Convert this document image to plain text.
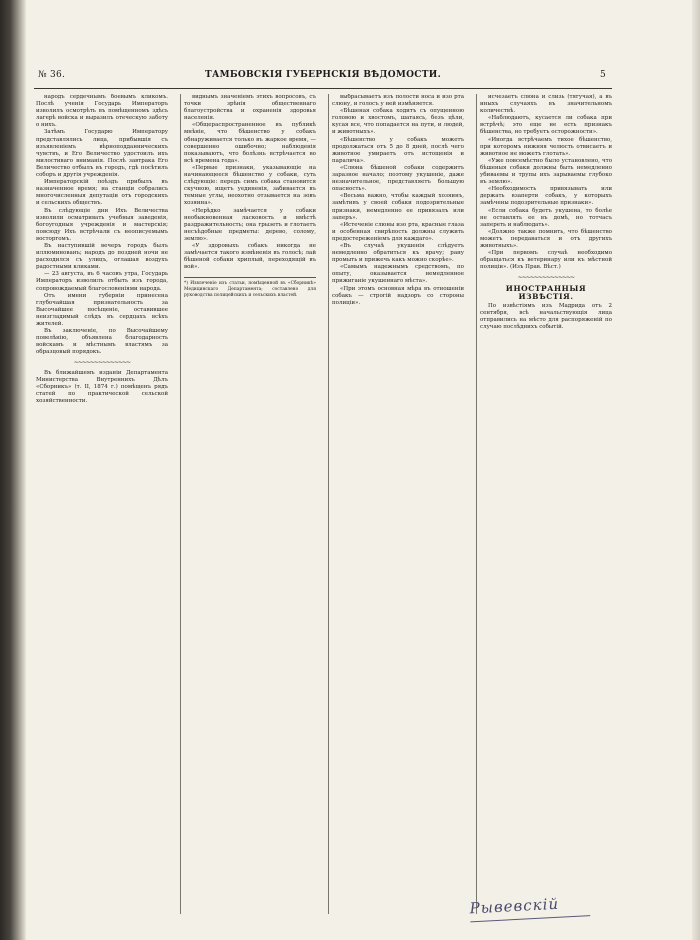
№ 36.	ТАМБОВСКІЯ ГУБЕРНСКІЯ ВѢДОМОСТИ.	5

народъ сердечнымъ боевымъ кликомъ. Послѣ ученія Государь Императоръ изволилъ осмотрѣть въ помѣщенномъ здѣсь лагерѣ войска и выразилъ отеческую заботу о нихъ.

Затѣмъ Государю Императору представлялись лица, прибывшія съ изъявленіемъ вѣрноподданническихъ чувствъ, и Его Величество удостоилъ ихъ милостиваго вниманія. Послѣ завтрака Его Величество отбылъ въ городъ, гдѣ посѣтилъ соборъ и другія учрежденія.

Императорскій поѣздъ прибылъ въ назначенное время; на станціи собрались многочисленныя депутаціи отъ городскихъ и сельскихъ обществъ.

Въ слѣдующіе дни Ихъ Величества изволили осматривать учебныя заведенія, богоугодныя учрежденія и мастерскія; повсюду Ихъ встрѣчали съ неописуемымъ восторгомъ.

Въ наступившій вечеръ городъ былъ иллюминованъ; народъ до поздней ночи не расходился съ улицъ, оглашая воздухъ радостными кликами.

— 23 августа, въ 6 часовъ утра, Государь Императоръ изволилъ отбыть изъ города, сопровождаемый благословеніями народа.

Отъ имени губерніи принесена глубочайшая признательность за Высочайшее посѣщеніе, оставившее неизгладимый слѣдъ въ сердцахъ всѣхъ жителей.

Въ заключеніе, по Высочайшему повелѣнію, объявлена благодарность войскамъ и мѣстнымъ властямъ за образцовый порядокъ.

~~~~~~~~~~~~~~

Въ ближайшемъ изданіи Департамента Министерства Внутреннихъ Дѣлъ «Сборникъ» (т. II, 1874 г.) помѣщенъ рядъ статей по практической сельской хозяйственности.

виднымъ значеніемъ этихъ вопросовъ, съ точки зрѣнія общественнаго благоустройства и охраненія здоровья населенія.

«Общераспространенное въ публикѣ мнѣніе, что бѣшенство у собакъ обнаруживается только въ жаркое время, — совершенно ошибочно; наблюденія показываютъ, что болѣзнь встрѣчается во всѣ времена года».

«Первые признаки, указывающіе на начинающееся бѣшенство у собаки, суть слѣдующіе: передъ симъ собака становится скучною, ищетъ уединенія, забивается въ темные углы, неохотно отзывается на зовъ хозяина».

«Нерѣдко замѣчается у собаки необыкновенная ласковость и вмѣстѣ раздражительность; она грызетъ и глотаетъ несъѣдобные предметы: дерево, солому, землю».

«У здоровыхъ собакъ никогда не замѣчается такого измѣненія въ голосѣ; лай бѣшеной собаки хриплый, переходящій въ вой».

*) Извлеченіе изъ статьи, помѣщенной въ «Сборникѣ» Медицинскаго Департамента; составлено для руководства полицейскихъ и сельскихъ властей.

выбрасываетъ изъ полости носа и изо рта слюну, и голосъ у ней измѣняется.

«Бѣшеная собака ходитъ съ опущенною головою и хвостомъ, шатаясь, безъ цѣли, кусая все, что попадается на пути, и людей, и животныхъ».

«Бѣшенство у собакъ можетъ продолжаться отъ 5 до 8 дней, послѣ чего животное умираетъ отъ истощенія и паралича».

«Слюна бѣшеной собаки содержитъ заразное начало; поэтому укушеніе, даже незначительное, представляетъ большую опасность».

«Весьма важно, чтобы каждый хозяинъ, замѣтивъ у своей собаки подозрительные признаки, немедленно ее привязалъ или заперъ».

«Истеченіе слюны изо рта, красные глаза и особенная свирѣпость должны служить предостереженіемъ для каждаго».

«Въ случаѣ укушенія слѣдуетъ немедленно обратиться къ врачу; рану промыть и прижечь какъ можно скорѣе».

«Самымъ надежнымъ средствомъ, по опыту, оказывается немедленное прижиганіе укушеннаго мѣста».

«При этомъ основная мѣра въ отношеніи собакъ — строгій надзоръ со стороны полиціи».

исчезаетъ слюна и слизь (тягучая), а въ иныхъ случаяхъ въ значительномъ количествѣ.

«Наблюдаютъ, кусается ли собака при встрѣчѣ; это еще не есть признакъ бѣшенства, но требуетъ осторожности».

«Иногда встрѣчаемъ тихое бѣшенство, при которомъ нижняя челюсть отвисаетъ и животное не можетъ глотать».

«Уже повсемѣстно было установлено, что бѣшеныя собаки должны быть немедленно убиваемы и трупы ихъ зарываемы глубоко въ землю».

«Необходимость привязывать или держать взаперти собакъ, у которыхъ замѣчены подозрительные признаки».

«Если собака будетъ укушена, то болѣе не оставлять ее въ домѣ, но тотчасъ запереть и наблюдать».

«Должно также помнить, что бѣшенство можетъ передаваться и отъ другихъ животныхъ».

«При первомъ случаѣ необходимо обращаться къ ветеринару или къ мѣстной полиціи». (Изъ Прав. Вѣст.)

~~~~~~~~~~~~~~
ИНОСТРАННЫЯ ИЗВѢСТІЯ.

По извѣстіямъ изъ Мадрида отъ 2 сентября, всѣ начальствующія лица отправились на мѣсто для распоряженій по случаю послѣднихъ событій.

Рывевскій
